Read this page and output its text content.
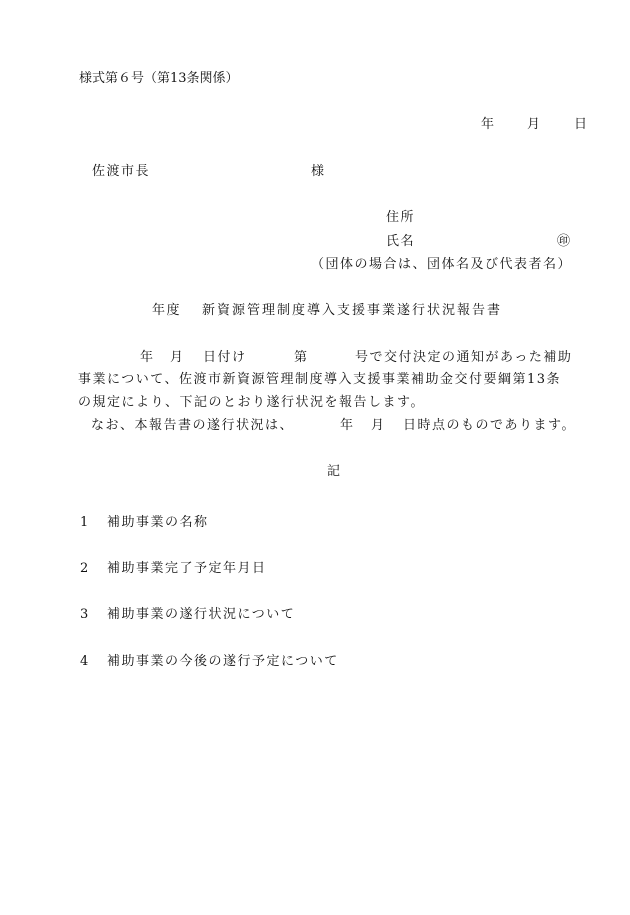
様式第６号（第13条関係）
年	月	日
佐渡市長	様
住所
氏名	㊞
（団体の場合は、団体名及び代表者名）
年度 新資源管理制度導入支援事業遂行状況報告書
年 月 日付け	第	号で交付決定の通知があった補助
事業について、佐渡市新資源管理制度導入支援事業補助金交付要綱第13条
の規定により、下記のとおり遂行状況を報告します。
なお、本報告書の遂行状況は、	年 月 日時点のものであります。
記
1 補助事業の名称
2 補助事業完了予定年月日
3 補助事業の遂行状況について
4 補助事業の今後の遂行予定について
